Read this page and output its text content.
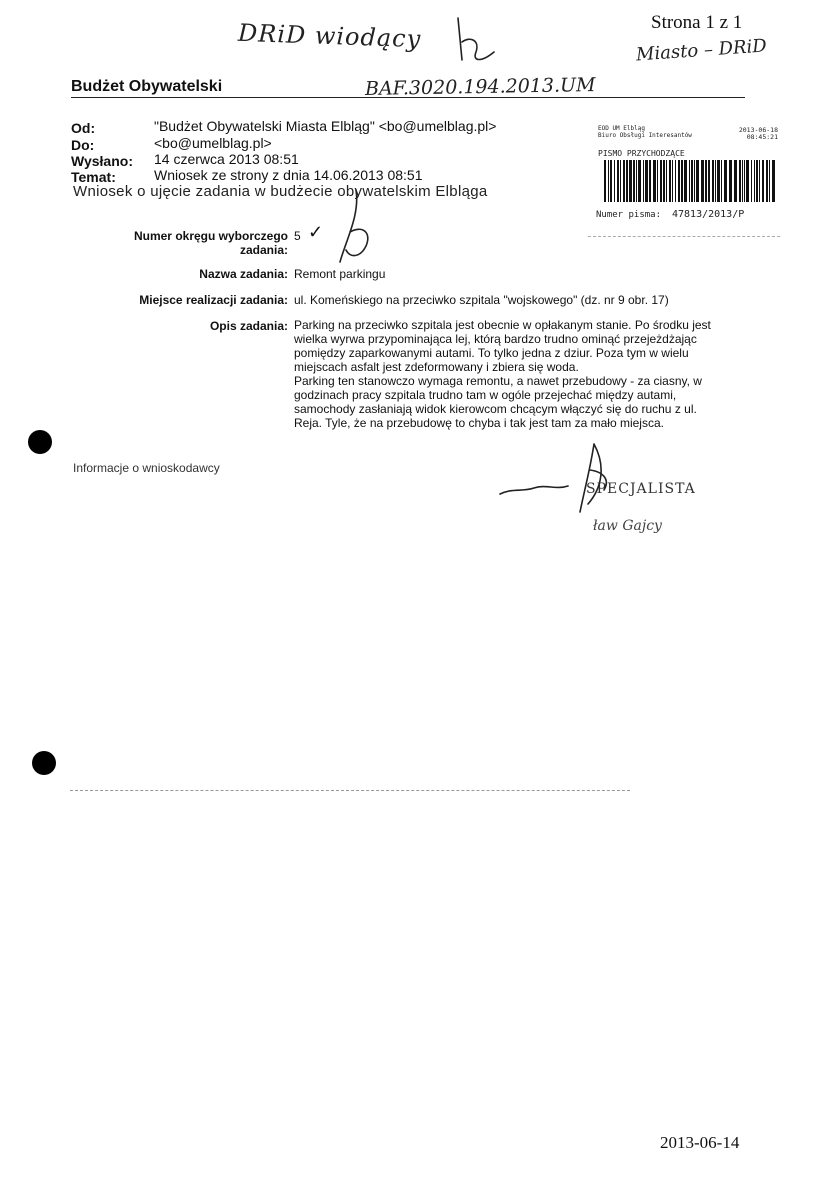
Strona 1 z 1
DRiD wiodący	Miasto – DRiD
BAF.3020.194.2013.UM
Budżet Obywatelski
Od:	"Budżet Obywatelski Miasta Elbląg" <bo@umelblag.pl>
Do:	<bo@umelblag.pl>
Wysłano: 14 czerwca 2013 08:51
Temat:	Wniosek ze strony z dnia 14.06.2013 08:51
Wniosek o ujęcie zadania w budżecie obywatelskim Elbląga
EOD UM Elbląg
Biuro Obsługi Interesantów
2013-06-18
08:45:21
PISMO PRZYCHODZĄCE
Numer pisma: 47813/2013/P
Numer okręgu wyborczego zadania:
5 ✓
Nazwa zadania: Remont parkingu
Miejsce realizacji zadania: ul. Komeńskiego na przeciwko szpitala "wojskowego" (dz. nr 9 obr. 17)
Opis zadania: Parking na przeciwko szpitala jest obecnie w opłakanym stanie. Po środku jest
wielka wyrwa przypominająca lej, którą bardzo trudno ominąć przejeżdżając
pomiędzy zaparkowanymi autami. To tylko jedna z dziur. Poza tym w wielu
miejscach asfalt jest zdeformowany i zbiera się woda.
Parking ten stanowczo wymaga remontu, a nawet przebudowy - za ciasny, w
godzinach pracy szpitala trudno tam w ogóle przejechać między autami,
samochody zasłaniają widok kierowcom chcącym włączyć się do ruchu z ul.
Reja. Tyle, że na przebudowę to chyba i tak jest tam za mało miejsca.
Informacje o wnioskodawcy
SPECJALISTA
ław Gajcy
2013-06-14
